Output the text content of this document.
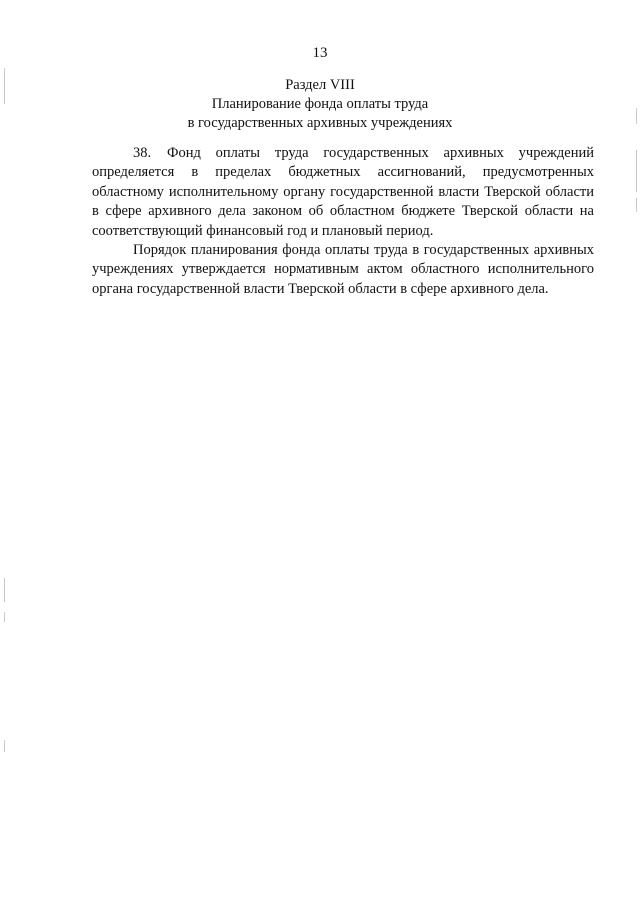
13
Раздел VIII
Планирование фонда оплаты труда
в государственных архивных учреждениях

38. Фонд оплаты труда государственных архивных учреждений определяется в пределах бюджетных ассигнований, предусмотренных областному исполнительному органу государственной власти Тверской области в сфере архивного дела законом об областном бюджете Тверской области на соответствующий финансовый год и плановый период.

Порядок планирования фонда оплаты труда в государственных архивных учреждениях утверждается нормативным актом областного исполнительного органа государственной власти Тверской области в сфере архивного дела.
